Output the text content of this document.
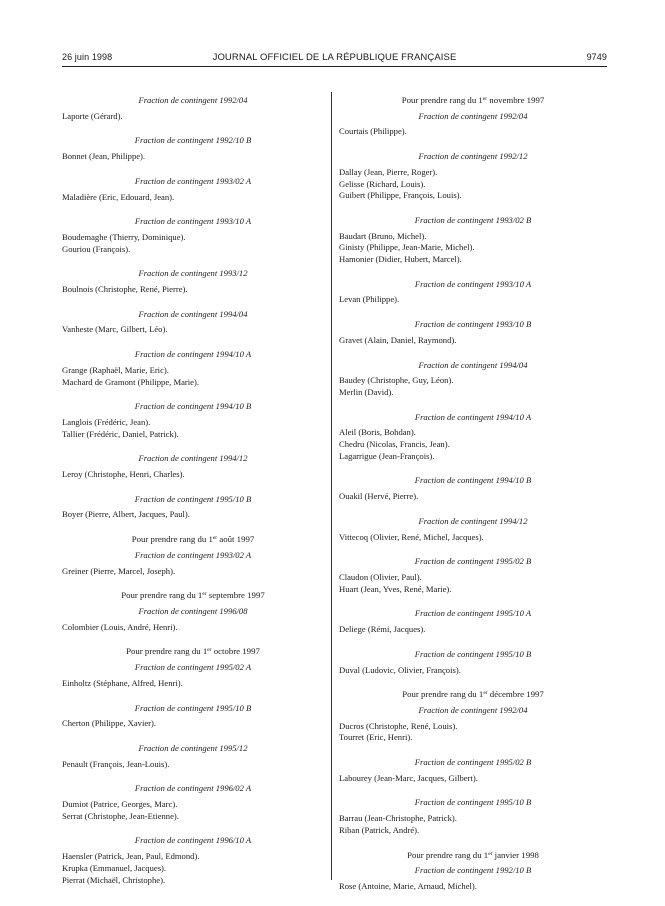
26 juin 1998	JOURNAL OFFICIEL DE LA RÉPUBLIQUE FRANÇAISE	9749
Fraction de contingent 1992/04
Laporte (Gérard).
Fraction de contingent 1992/10 B
Bonnet (Jean, Philippe).
Fraction de contingent 1993/02 A
Maladière (Eric, Edouard, Jean).
Fraction de contingent 1993/10 A
Boudemaghe (Thierry, Dominique).
Gouriou (François).
Fraction de contingent 1993/12
Boulnois (Christophe, René, Pierre).
Fraction de contingent 1994/04
Vanheste (Marc, Gilbert, Léo).
Fraction de contingent 1994/10 A
Grange (Raphaël, Marie, Eric).
Machard de Gramont (Philippe, Marie).
Fraction de contingent 1994/10 B
Langlois (Frédéric, Jean).
Tallier (Frédéric, Daniel, Patrick).
Fraction de contingent 1994/12
Leroy (Christophe, Henri, Charles).
Fraction de contingent 1995/10 B
Boyer (Pierre, Albert, Jacques, Paul).
Pour prendre rang du 1er août 1997
Fraction de contingent 1993/02 A
Greiner (Pierre, Marcel, Joseph).
Pour prendre rang du 1er septembre 1997
Fraction de contingent 1996/08
Colombier (Louis, André, Henri).
Pour prendre rang du 1er octobre 1997
Fraction de contingent 1995/02 A
Einholtz (Stéphane, Alfred, Henri).
Fraction de contingent 1995/10 B
Cherton (Philippe, Xavier).
Fraction de contingent 1995/12
Penault (François, Jean-Louis).
Fraction de contingent 1996/02 A
Dumiot (Patrice, Georges, Marc).
Serrat (Christophe, Jean-Etienne).
Fraction de contingent 1996/10 A
Haensler (Patrick, Jean, Paul, Edmond).
Krupka (Emmanuel, Jacques).
Pierrat (Michaël, Christophe).
Pour prendre rang du 1er novembre 1997
Fraction de contingent 1992/04
Courtais (Philippe).
Fraction de contingent 1992/12
Dallay (Jean, Pierre, Roger).
Gelisse (Richard, Louis).
Guibert (Philippe, François, Louis).
Fraction de contingent 1993/02 B
Baudart (Bruno, Michel).
Ginisty (Philippe, Jean-Marie, Michel).
Hamonier (Didier, Hubert, Marcel).
Fraction de contingent 1993/10 A
Levan (Philippe).
Fraction de contingent 1993/10 B
Gravet (Alain, Daniel, Raymond).
Fraction de contingent 1994/04
Baudey (Christophe, Guy, Léon).
Merlin (David).
Fraction de contingent 1994/10 A
Aleil (Boris, Bohdan).
Chedru (Nicolas, Francis, Jean).
Lagarrigue (Jean-François).
Fraction de contingent 1994/10 B
Ouakil (Hervé, Pierre).
Fraction de contingent 1994/12
Vittecoq (Olivier, René, Michel, Jacques).
Fraction de contingent 1995/02 B
Claudon (Olivier, Paul).
Huart (Jean, Yves, René, Marie).
Fraction de contingent 1995/10 A
Deliege (Rémi, Jacques).
Fraction de contingent 1995/10 B
Duval (Ludovic, Olivier, François).
Pour prendre rang du 1er décembre 1997
Fraction de contingent 1992/04
Ducros (Christophe, René, Louis).
Tourret (Eric, Henri).
Fraction de contingent 1995/02 B
Labourey (Jean-Marc, Jacques, Gilbert).
Fraction de contingent 1995/10 B
Barrau (Jean-Christophe, Patrick).
Riban (Patrick, André).
Pour prendre rang du 1er janvier 1998
Fraction de contingent 1992/10 B
Rose (Antoine, Marie, Arnaud, Michel).
